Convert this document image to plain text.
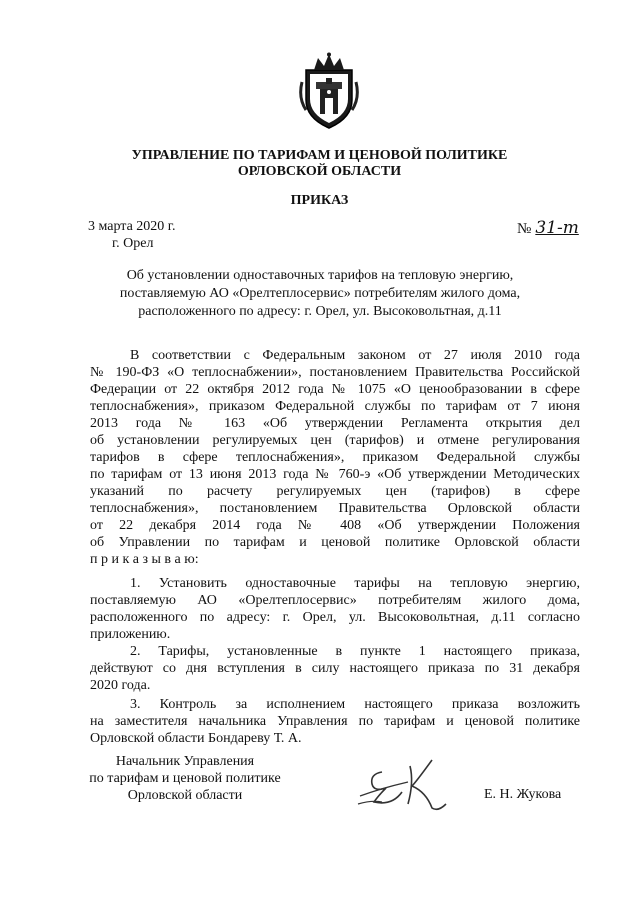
УПРАВЛЕНИЕ ПО ТАРИФАМ И ЦЕНОВОЙ ПОЛИТИКЕ
ОРЛОВСКОЙ ОБЛАСТИ
ПРИКАЗ
3 марта 2020 г.
г. Орел
№ 31-т
Об установлении одноставочных тарифов на тепловую энергию,
поставляемую АО «Орелтеплосервис» потребителям жилого дома,
расположенного по адресу: г. Орел, ул. Высоковольтная, д.11
В соответствии с Федеральным законом от 27 июля 2010 года
№ 190-ФЗ «О теплоснабжении», постановлением Правительства Российской
Федерации от 22 октября 2012 года № 1075 «О ценообразовании в сфере
теплоснабжения», приказом Федеральной службы по тарифам от 7 июня
2013 года № 163 «Об утверждении Регламента открытия дел
об установлении регулируемых цен (тарифов) и отмене регулирования
тарифов в сфере теплоснабжения», приказом Федеральной службы
по тарифам от 13 июня 2013 года № 760-э «Об утверждении Методических
указаний по расчету регулируемых цен (тарифов) в сфере
теплоснабжения», постановлением Правительства Орловской области
от 22 декабря 2014 года № 408 «Об утверждении Положения
об Управлении по тарифам и ценовой политике Орловской области
п р и к а з ы в а ю:
1. Установить одноставочные тарифы на тепловую энергию,
поставляемую АО «Орелтеплосервис» потребителям жилого дома,
расположенного по адресу: г. Орел, ул. Высоковольтная, д.11 согласно
приложению.
2. Тарифы, установленные в пункте 1 настоящего приказа,
действуют со дня вступления в силу настоящего приказа по 31 декабря
2020 года.
3. Контроль за исполнением настоящего приказа возложить
на заместителя начальника Управления по тарифам и ценовой политике
Орловской области Бондареву Т. А.
Начальник Управления
по тарифам и ценовой политике
Орловской области	Е. Н. Жукова
